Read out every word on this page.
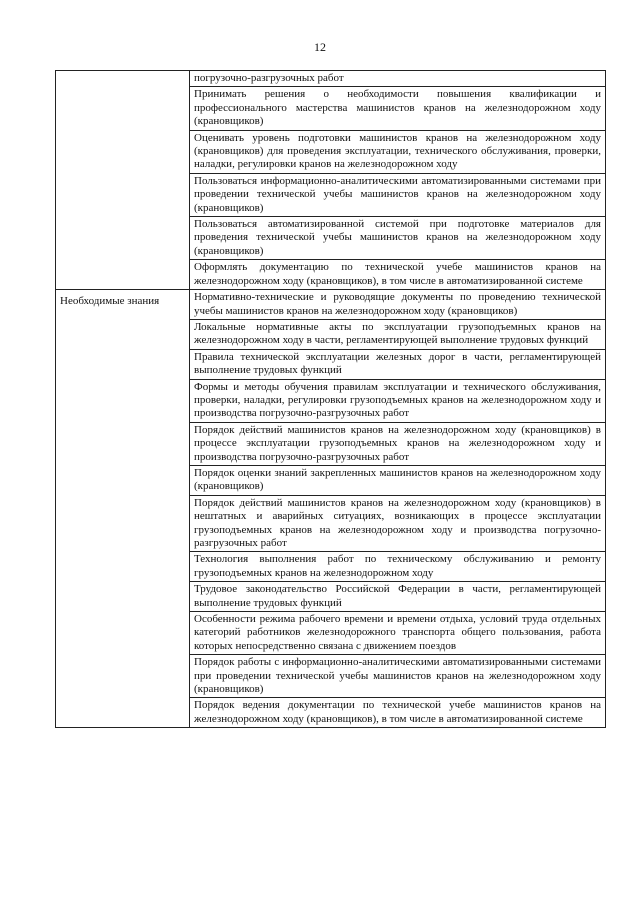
12
	погрузочно-разгрузочных работ
	Принимать решения о необходимости повышения квалификации и профессионального мастерства машинистов кранов на железнодорожном ходу (крановщиков)
	Оценивать уровень подготовки машинистов кранов на железнодорожном ходу (крановщиков) для проведения эксплуатации, технического обслуживания, проверки, наладки, регулировки кранов на железнодорожном ходу
	Пользоваться информационно-аналитическими автоматизированными системами при проведении технической учебы машинистов кранов на железнодорожном ходу (крановщиков)
	Пользоваться автоматизированной системой при подготовке материалов для проведения технической учебы машинистов кранов на железнодорожном ходу (крановщиков)
	Оформлять документацию по технической учебе машинистов кранов на железнодорожном ходу (крановщиков), в том числе в автоматизированной системе
Необходимые знания	Нормативно-технические и руководящие документы по проведению технической учебы машинистов кранов на железнодорожном ходу (крановщиков)
	Локальные нормативные акты по эксплуатации грузоподъемных кранов на железнодорожном ходу в части, регламентирующей выполнение трудовых функций
	Правила технической эксплуатации железных дорог в части, регламентирующей выполнение трудовых функций
	Формы и методы обучения правилам эксплуатации и технического обслуживания, проверки, наладки, регулировки грузоподъемных кранов на железнодорожном ходу и производства погрузочно-разгрузочных работ
	Порядок действий машинистов кранов на железнодорожном ходу (крановщиков) в процессе эксплуатации грузоподъемных кранов на железнодорожном ходу и производства погрузочно-разгрузочных работ
	Порядок оценки знаний закрепленных машинистов кранов на железнодорожном ходу (крановщиков)
	Порядок действий машинистов кранов на железнодорожном ходу (крановщиков) в нештатных и аварийных ситуациях, возникающих в процессе эксплуатации грузоподъемных кранов на железнодорожном ходу и производства погрузочно-разгрузочных работ
	Технология выполнения работ по техническому обслуживанию и ремонту грузоподъемных кранов на железнодорожном ходу
	Трудовое законодательство Российской Федерации в части, регламентирующей выполнение трудовых функций
	Особенности режима рабочего времени и времени отдыха, условий труда отдельных категорий работников железнодорожного транспорта общего пользования, работа которых непосредственно связана с движением поездов
	Порядок работы с информационно-аналитическими автоматизированными системами при проведении технической учебы машинистов кранов на железнодорожном ходу (крановщиков)
	Порядок ведения документации по технической учебе машинистов кранов на железнодорожном ходу (крановщиков), в том числе в автоматизированной системе
